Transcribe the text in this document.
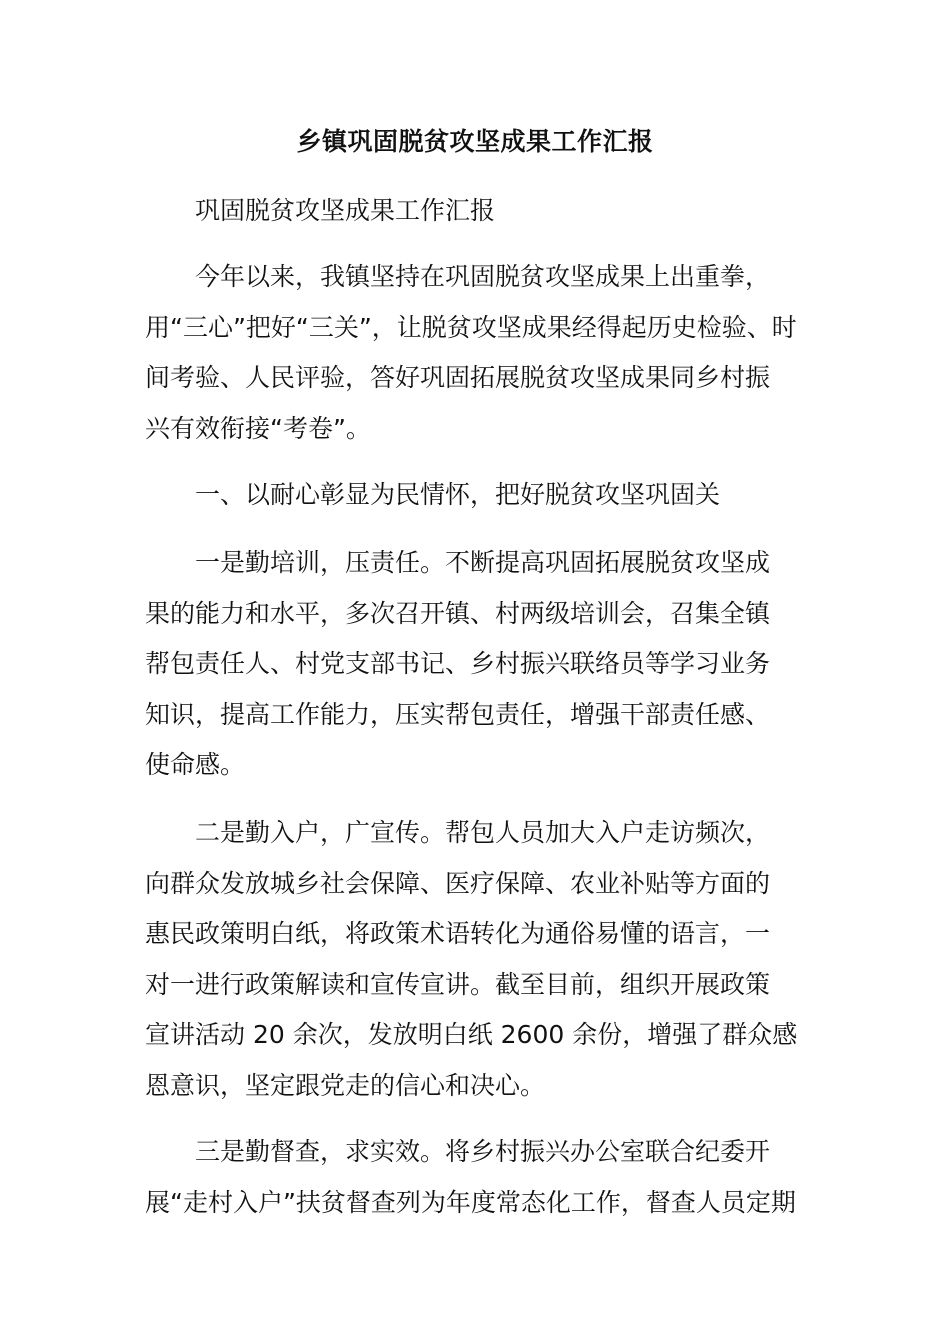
乡镇巩固脱贫攻坚成果工作汇报

巩固脱贫攻坚成果工作汇报

今年以来，我镇坚持在巩固脱贫攻坚成果上出重拳，
用“三心”把好“三关”，让脱贫攻坚成果经得起历史检验、时
间考验、人民评验，答好巩固拓展脱贫攻坚成果同乡村振
兴有效衔接“考卷”。

一、以耐心彰显为民情怀，把好脱贫攻坚巩固关

一是勤培训，压责任。不断提高巩固拓展脱贫攻坚成
果的能力和水平，多次召开镇、村两级培训会，召集全镇
帮包责任人、村党支部书记、乡村振兴联络员等学习业务
知识，提高工作能力，压实帮包责任，增强干部责任感、
使命感。

二是勤入户，广宣传。帮包人员加大入户走访频次，
向群众发放城乡社会保障、医疗保障、农业补贴等方面的
惠民政策明白纸，将政策术语转化为通俗易懂的语言，一
对一进行政策解读和宣传宣讲。截至目前，组织开展政策
宣讲活动 20 余次，发放明白纸 2600 余份，增强了群众感
恩意识，坚定跟党走的信心和决心。

三是勤督查，求实效。将乡村振兴办公室联合纪委开
展“走村入户”扶贫督查列为年度常态化工作，督查人员定期
